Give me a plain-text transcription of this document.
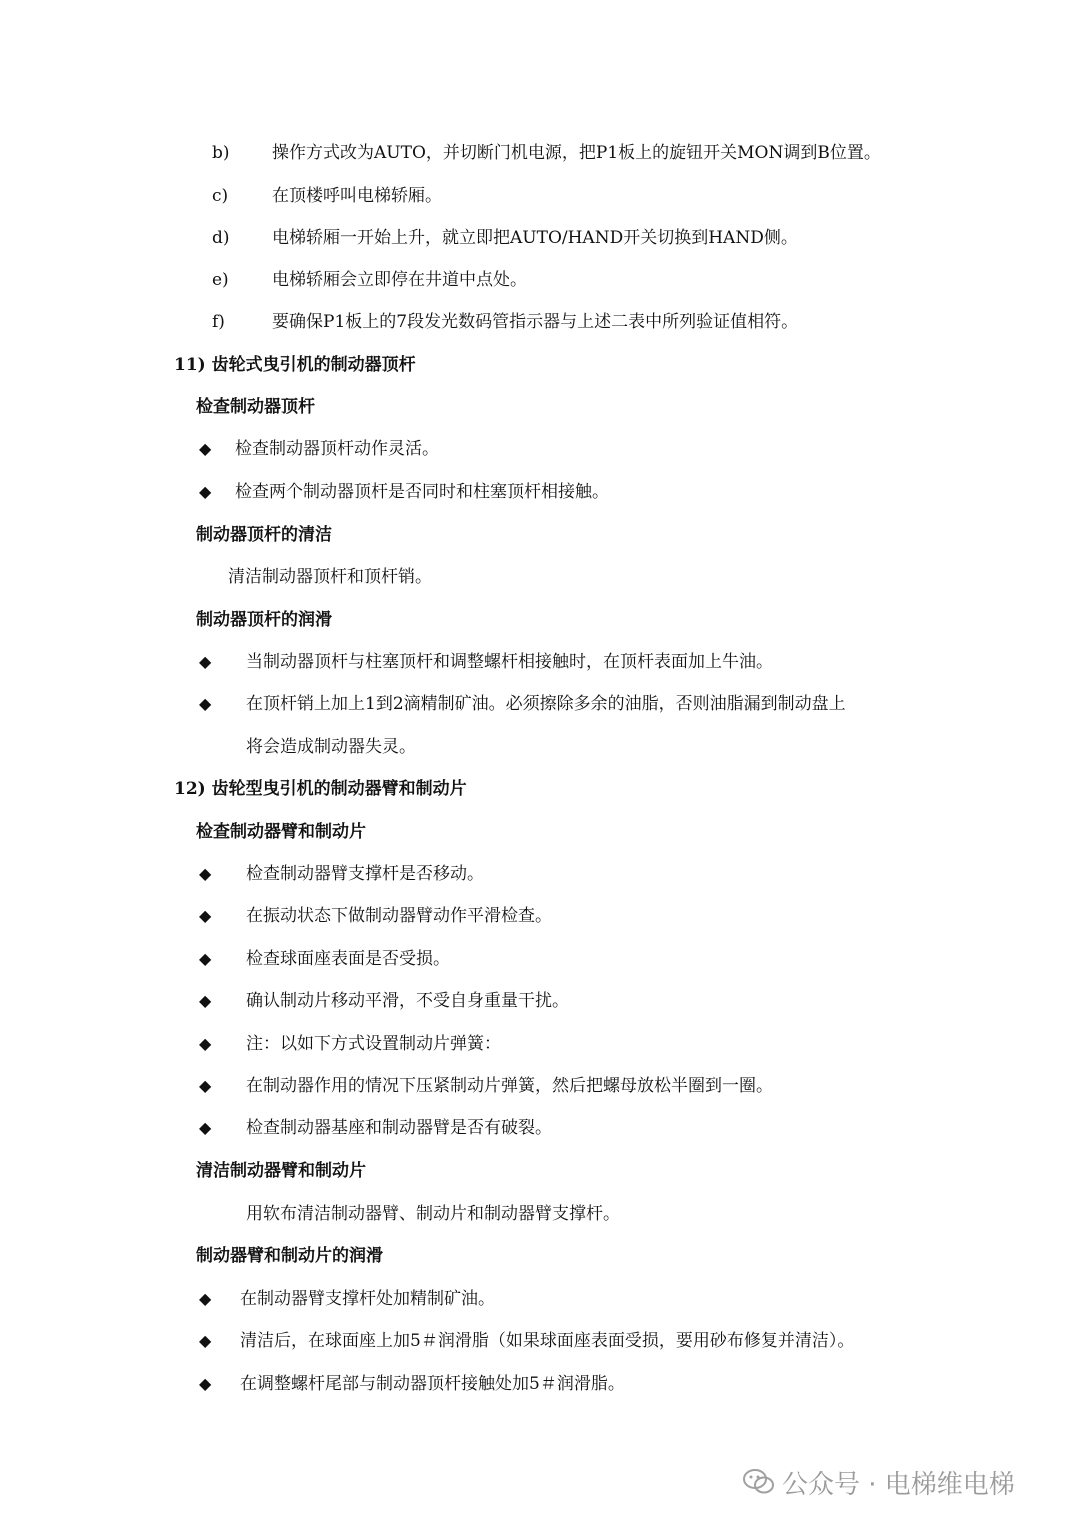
b) 操作方式改为AUTO，并切断门机电源，把P1板上的旋钮开关MON调到B位置。
c)	在顶楼呼叫电梯轿厢。
d) 电梯轿厢一开始上升，就立即把AUTO/HAND开关切换到HAND侧。
e)	电梯轿厢会立即停在井道中点处。
f)	要确保P1板上的7段发光数码管指示器与上述二表中所列验证值相符。
11) 齿轮式曳引机的制动器顶杆
检查制动器顶杆
◆ 检查制动器顶杆动作灵活。
◆ 检查两个制动器顶杆是否同时和柱塞顶杆相接触。
制动器顶杆的清洁
清洁制动器顶杆和顶杆销。
制动器顶杆的润滑
◆ 当制动器顶杆与柱塞顶杆和调整螺杆相接触时，在顶杆表面加上牛油。
◆ 在顶杆销上加上1到2滴精制矿油。必须擦除多余的油脂，否则油脂漏到制动盘上
将会造成制动器失灵。
12) 齿轮型曳引机的制动器臂和制动片
检查制动器臂和制动片
◆ 检查制动器臂支撑杆是否移动。
◆ 在振动状态下做制动器臂动作平滑检查。
◆ 检查球面座表面是否受损。
◆ 确认制动片移动平滑，不受自身重量干扰。
◆ 注：以如下方式设置制动片弹簧：
◆ 在制动器作用的情况下压紧制动片弹簧，然后把螺母放松半圈到一圈。
◆ 检查制动器基座和制动器臂是否有破裂。
清洁制动器臂和制动片
用软布清洁制动器臂、制动片和制动器臂支撑杆。
制动器臂和制动片的润滑
◆ 在制动器臂支撑杆处加精制矿油。
◆ 清洁后，在球面座上加5＃润滑脂（如果球面座表面受损，要用砂布修复并清洁）。
◆ 在调整螺杆尾部与制动器顶杆接触处加5＃润滑脂。
公众号 · 电梯维电梯
